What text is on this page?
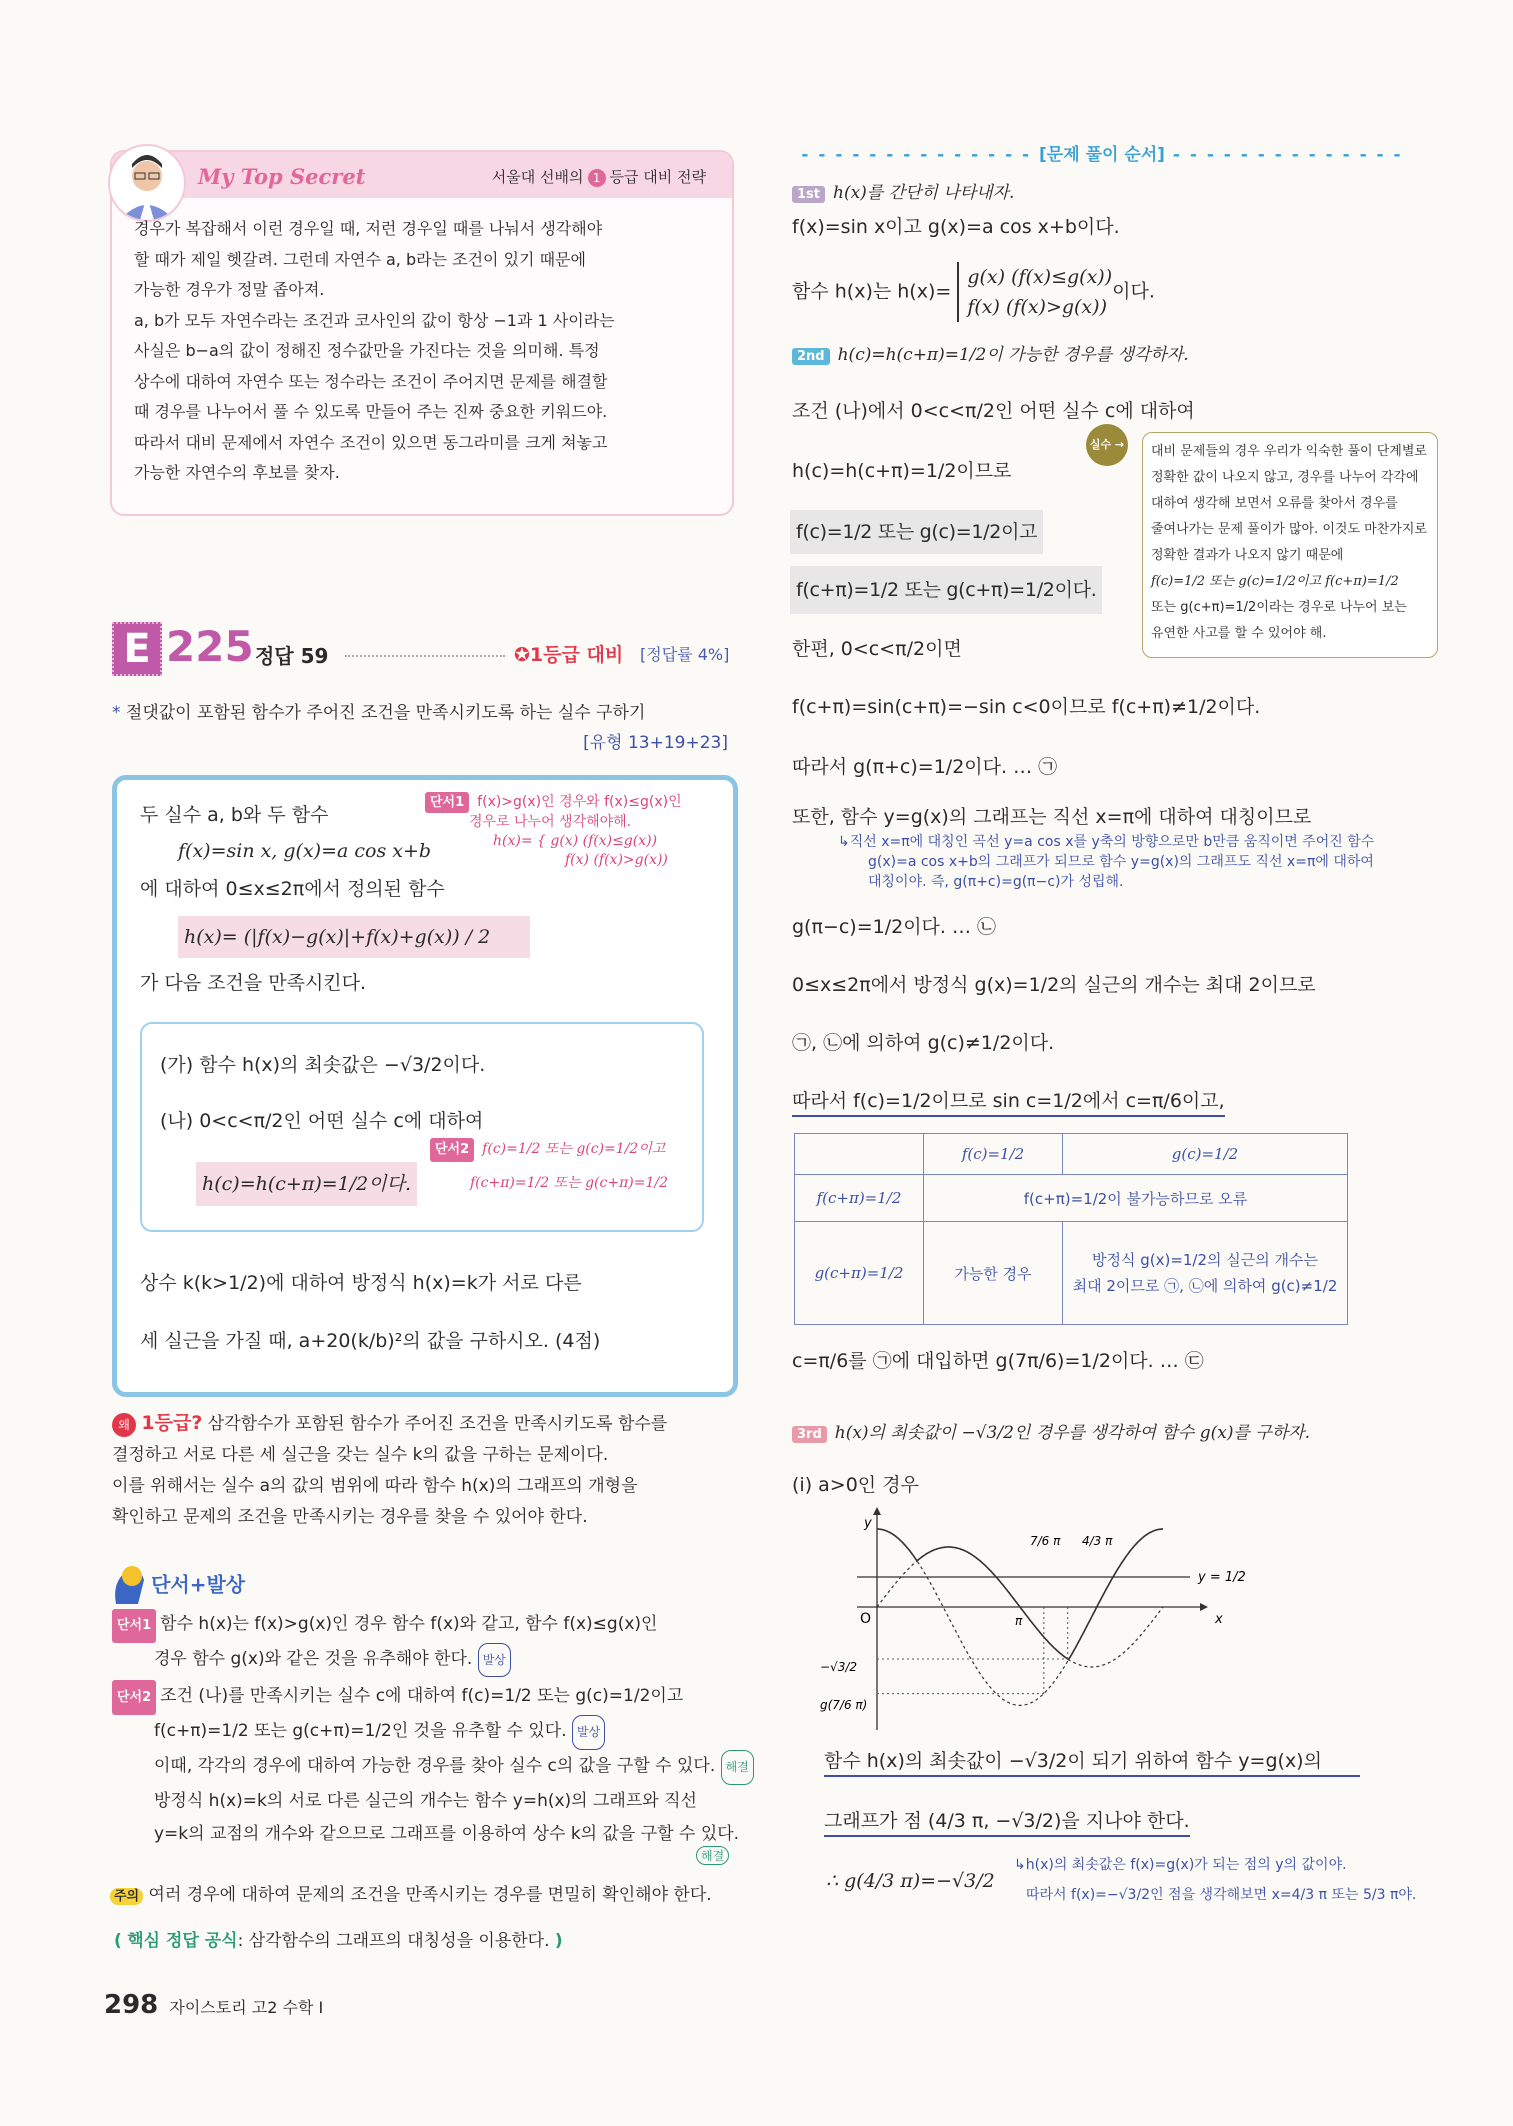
My Top Secret	서울대 선배의 1 등급 대비 전략
경우가 복잡해서 이런 경우일 때, 저런 경우일 때를 나눠서 생각해야
할 때가 제일 헷갈려. 그런데 자연수 a, b라는 조건이 있기 때문에
가능한 경우가 정말 좁아져.
a, b가 모두 자연수라는 조건과 코사인의 값이 항상 −1과 1 사이라는
사실은 b−a의 값이 정해진 정수값만을 가진다는 것을 의미해. 특정
상수에 대하여 자연수 또는 정수라는 조건이 주어지면 문제를 해결할
때 경우를 나누어서 풀 수 있도록 만들어 주는 진짜 중요한 키워드야.
따라서 대비 문제에서 자연수 조건이 있으면 동그라미를 크게 쳐놓고
가능한 자연수의 후보를 찾자.
E 225 정답 59	✪1등급 대비 [정답률 4%]
* 절댓값이 포함된 함수가 주어진 조건을 만족시키도록 하는 실수 구하기
[유형 13+19+23]
두 실수 a, b와 두 함수
f(x)=sin x, g(x)=a cos x+b
에 대하여 0≤x≤2π에서 정의된 함수
h(x)= (|f(x)−g(x)|+f(x)+g(x)) / 2
가 다음 조건을 만족시킨다.
단서1 f(x)>g(x)인 경우와 f(x)≤g(x)인
경우로 나누어 생각해야해.
h(x)= { g(x) (f(x)≤g(x))
f(x) (f(x)>g(x))
(가) 함수 h(x)의 최솟값은 −√3/2이다.
(나) 0<c<π/2인 어떤 실수 c에 대하여
h(c)=h(c+π)=1/2이다.
단서2 f(c)=1/2 또는 g(c)=1/2이고
f(c+π)=1/2 또는 g(c+π)=1/2
상수 k(k>1/2)에 대하여 방정식 h(x)=k가 서로 다른
세 실근을 가질 때, a+20(k/b)²의 값을 구하시오. (4점)
왜 1등급? 삼각함수가 포함된 함수가 주어진 조건을 만족시키도록 함수를
결정하고 서로 다른 세 실근을 갖는 실수 k의 값을 구하는 문제이다.
이를 위해서는 실수 a의 값의 범위에 따라 함수 h(x)의 그래프의 개형을
확인하고 문제의 조건을 만족시키는 경우를 찾을 수 있어야 한다.
단서+발상
단서1 함수 h(x)는 f(x)>g(x)인 경우 함수 f(x)와 같고, 함수 f(x)≤g(x)인
경우 함수 g(x)와 같은 것을 유추해야 한다. 발상
단서2 조건 (나)를 만족시키는 실수 c에 대하여 f(c)=1/2 또는 g(c)=1/2이고
f(c+π)=1/2 또는 g(c+π)=1/2인 것을 유추할 수 있다. 발상
이때, 각각의 경우에 대하여 가능한 경우를 찾아 실수 c의 값을 구할 수 있다. 해결
방정식 h(x)=k의 서로 다른 실근의 개수는 함수 y=h(x)의 그래프와 직선
y=k의 교점의 개수와 같으므로 그래프를 이용하여 상수 k의 값을 구할 수 있다.
해결
주의 여러 경우에 대하여 문제의 조건을 만족시키는 경우를 면밀히 확인해야 한다.
( 핵심 정답 공식: 삼각함수의 그래프의 대칭성을 이용한다. )
298 자이스토리 고2 수학 I
- - - - - - - - - - - - - - [문제 풀이 순서] - - - - - - - - - - - - - -
1st h(x)를 간단히 나타내자.
f(x)=sin x이고 g(x)=a cos x+b이다.
함수 h(x)는 h(x)= g(x) (f(x)≤g(x))
f(x) (f(x)>g(x))이다.
2nd h(c)=h(c+π)=1/2이 가능한 경우를 생각하자.
조건 (나)에서 0<c<π/2인 어떤 실수 c에 대하여
h(c)=h(c+π)=1/2이므로
f(c)=1/2 또는 g(c)=1/2이고
f(c+π)=1/2 또는 g(c+π)=1/2이다.
한편, 0<c<π/2이면
f(c+π)=sin(c+π)=−sin c<0이므로 f(c+π)≠1/2이다.
따라서 g(π+c)=1/2이다. … ㉠
또한, 함수 y=g(x)의 그래프는 직선 x=π에 대하여 대칭이므로
↳직선 x=π에 대칭인 곡선 y=a cos x를 y축의 방향으로만 b만큼 움직이면 주어진 함수
g(x)=a cos x+b의 그래프가 되므로 함수 y=g(x)의 그래프도 직선 x=π에 대하여
대칭이야. 즉, g(π+c)=g(π−c)가 성립해.
g(π−c)=1/2이다. … ㉡
0≤x≤2π에서 방정식 g(x)=1/2의 실근의 개수는 최대 2이므로
㉠, ㉡에 의하여 g(c)≠1/2이다.
따라서 f(c)=1/2이므로 sin c=1/2에서 c=π/6이고,
	f(c)=1/2	g(c)=1/2
f(c+π)=1/2	f(c+π)=1/2이 불가능하므로 오류	
g(c+π)=1/2	가능한 경우	방정식 g(x)=1/2의 실근의 개수는
최대 2이므로 ㉠, ㉡에 의하여 g(c)≠1/2
c=π/6를 ㉠에 대입하면 g(7π/6)=1/2이다. … ㉢
3rd h(x)의 최솟값이 −√3/2인 경우를 생각하여 함수 g(x)를 구하자.
(i) a>0인 경우
y
x
O	π
y = 1/2
7/6 π 4/3 π
−√3/2
g(7/6 π)
함수 h(x)의 최솟값이 −√3/2이 되기 위하여 함수 y=g(x)의
그래프가 점 (4/3 π, −√3/2)을 지나야 한다.
∴ g(4/3 π)=−√3/2
↳h(x)의 최솟값은 f(x)=g(x)가 되는 점의 y의 값이야.
따라서 f(x)=−√3/2인 점을 생각해보면 x=4/3 π 또는 5/3 π야.
실수 → 대비 문제들의 경우 우리가 익숙한 풀이 단계별로
정확한 값이 나오지 않고, 경우를 나누어 각각에
대하여 생각해 보면서 오류를 찾아서 경우를
줄여나가는 문제 풀이가 많아. 이것도 마찬가지로
정확한 결과가 나오지 않기 때문에
f(c)=1/2 또는 g(c)=1/2이고 f(c+π)=1/2
또는 g(c+π)=1/2이라는 경우로 나누어 보는
유연한 사고를 할 수 있어야 해.
